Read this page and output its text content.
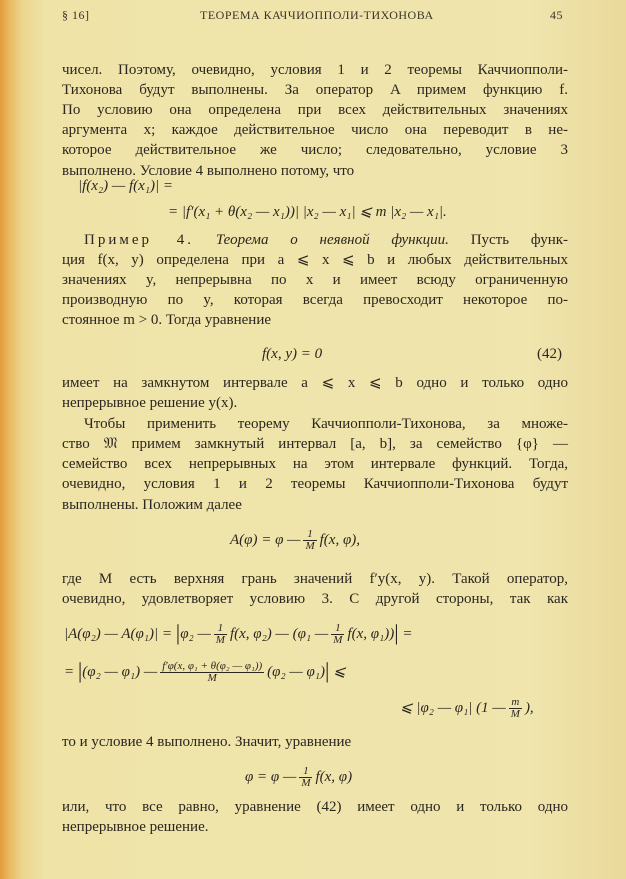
§ 16]	ТЕОРЕМА КАЧЧИОППОЛИ-ТИХОНОВА	45
чисел. Поэтому, очевидно, условия 1 и 2 теоремы Каччиопполи-
Тихонова будут выполнены. За оператор A примем функцию f.
По условию она определена при всех действительных значениях
аргумента x; каждое действительное число она переводит в не-
которое действительное же число; следовательно, условие 3
выполнено. Условие 4 выполнено потому, что
|f(x₂) — f(x₁)| =
= |f′(x₁ + θ(x₂ — x₁))| |x₂ — x₁| ⩽ m |x₂ — x₁|.
Пример 4. Теорема о неявной функции. Пусть функ-
ция f(x, y) определена при a ⩽ x ⩽ b и любых действительных
значениях y, непрерывна по x и имеет всюду ограниченную
производную по y, которая всегда превосходит некоторое по-
стоянное m > 0. Тогда уравнение
f(x, y) = 0	(42)
имеет на замкнутом интервале a ⩽ x ⩽ b одно и только одно
непрерывное решение y(x).
Чтобы применить теорему Каччиопполи-Тихонова, за множе-
ство 𝔐 примем замкнутый интервал [a, b], за семейство {φ} —
семейство всех непрерывных на этом интервале функций. Тогда,
очевидно, условия 1 и 2 теоремы Каччиопполи-Тихонова будут
выполнены. Положим далее
A(φ) = φ — $\frac{1}{M} f(x$, φ),
где M есть верхняя грань значений f′y(x, y). Такой оператор,
очевидно, удовлетворяет условию 3. С другой стороны, так как
|A(φ₂) — A(φ₁)| = |φ₂ — $\frac{1}{M} f(x$, φ₂) — (φ₁ — $\frac{1}{M} f(x$, φ₁))| =
= |(φ₂ — φ₁) — $\frac{\text{f′φ(x, φ₁ + θ(φ₂ — φ₁))}}{M} (\varphi_2$ — φ₁)| ⩽
⩽ |φ₂ — φ₁| (1 — $\frac{m}{M}$ ),
то и условие 4 выполнено. Значит, уравнение
φ = φ — $\frac{1}{M} f(x$, φ)
или, что все равно, уравнение (42) имеет одно и только одно
непрерывное решение.
